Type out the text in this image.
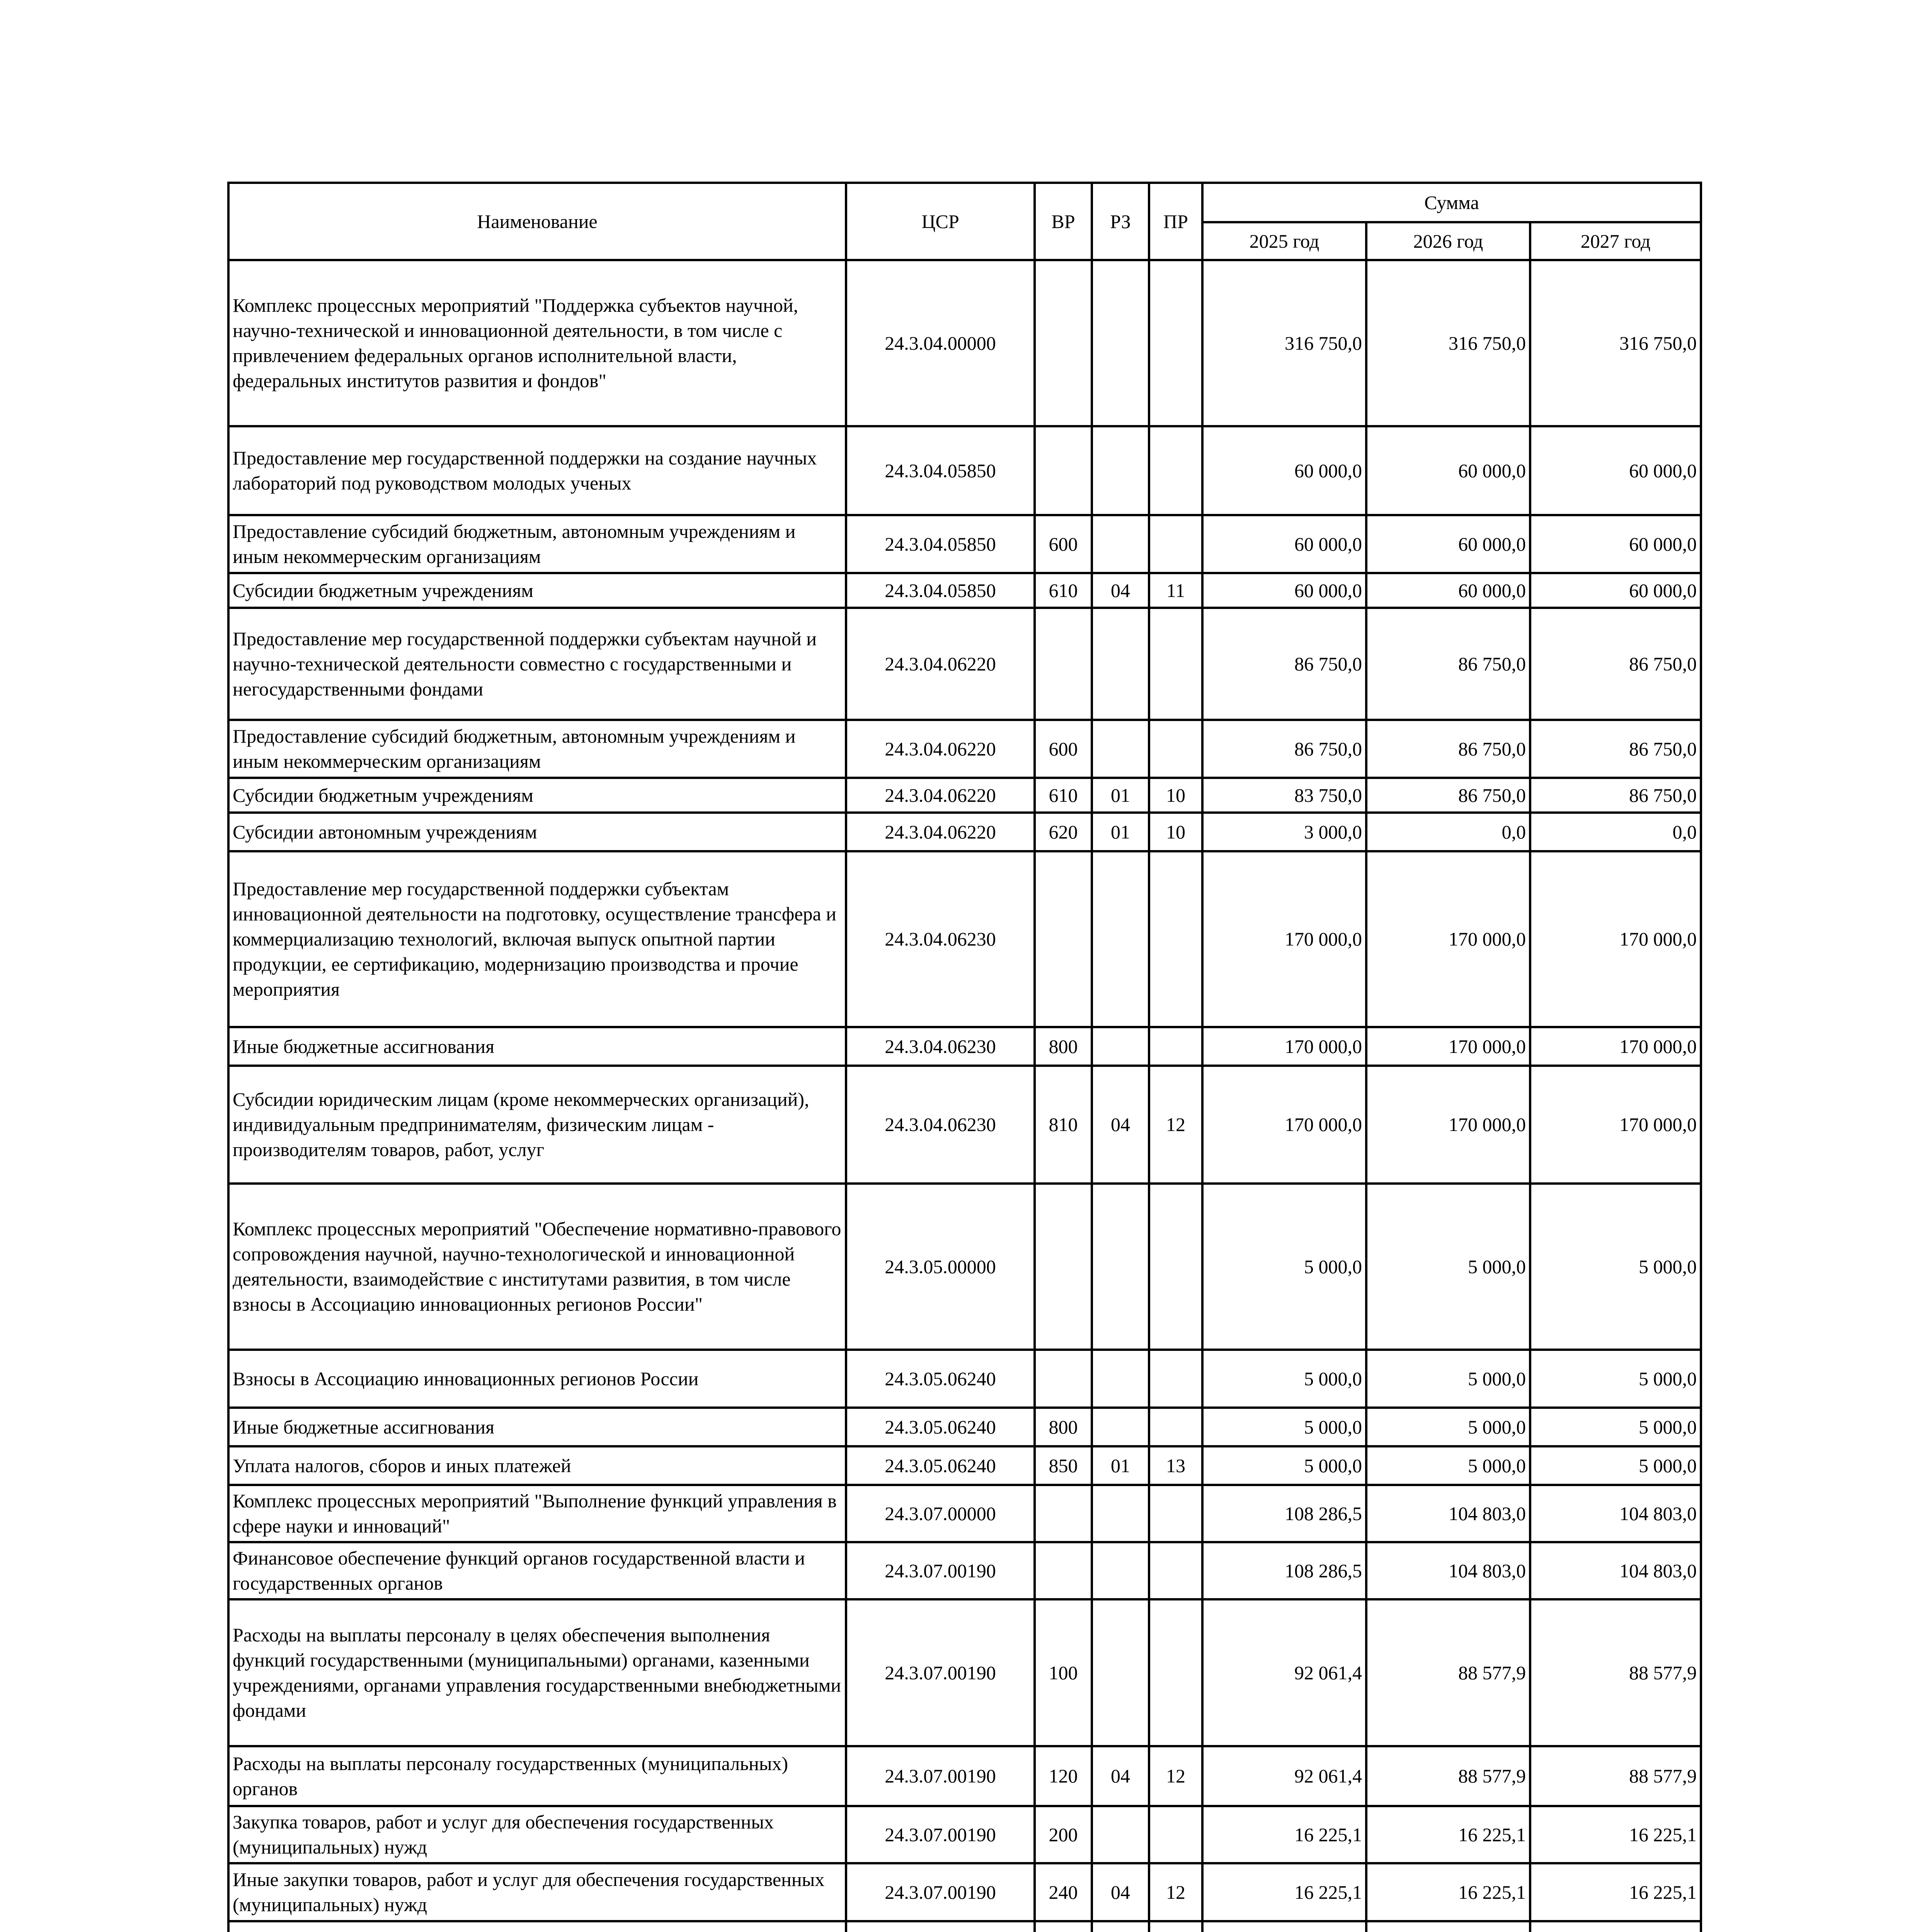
Наименование	ЦСР	ВР	РЗ	ПР	Сумма		
					2025 год	2026 год	2027 год
Комплекс процессных мероприятий "Поддержка субъектов научной, научно-технической и инновационной деятельности, в том числе с привлечением федеральных органов исполнительной власти, федеральных институтов развития и фондов"	24.3.04.00000				316 750,0	316 750,0	316 750,0
Предоставление мер государственной поддержки на создание научных лабораторий под руководством молодых ученых	24.3.04.05850				60 000,0	60 000,0	60 000,0
Предоставление субсидий бюджетным, автономным учреждениям и иным некоммерческим организациям	24.3.04.05850	600			60 000,0	60 000,0	60 000,0
Субсидии бюджетным учреждениям	24.3.04.05850	610	04	11	60 000,0	60 000,0	60 000,0
Предоставление мер государственной поддержки субъектам научной и научно-технической деятельности совместно с государственными и негосударственными фондами	24.3.04.06220				86 750,0	86 750,0	86 750,0
Предоставление субсидий бюджетным, автономным учреждениям и иным некоммерческим организациям	24.3.04.06220	600			86 750,0	86 750,0	86 750,0
Субсидии бюджетным учреждениям	24.3.04.06220	610	01	10	83 750,0	86 750,0	86 750,0
Субсидии автономным учреждениям	24.3.04.06220	620	01	10	3 000,0	0,0	0,0
Предоставление мер государственной поддержки субъектам инновационной деятельности на подготовку, осуществление трансфера и коммерциализацию технологий, включая выпуск опытной партии продукции, ее сертификацию, модернизацию производства и прочие мероприятия	24.3.04.06230				170 000,0	170 000,0	170 000,0
Иные бюджетные ассигнования	24.3.04.06230	800			170 000,0	170 000,0	170 000,0
Субсидии юридическим лицам (кроме некоммерческих организаций), индивидуальным предпринимателям, физическим лицам - производителям товаров, работ, услуг	24.3.04.06230	810	04	12	170 000,0	170 000,0	170 000,0
Комплекс процессных мероприятий "Обеспечение нормативно-правового сопровождения научной, научно-технологической и инновационной деятельности, взаимодействие с институтами развития, в том числе взносы в Ассоциацию инновационных регионов России"	24.3.05.00000				5 000,0	5 000,0	5 000,0
Взносы в Ассоциацию инновационных регионов России	24.3.05.06240				5 000,0	5 000,0	5 000,0
Иные бюджетные ассигнования	24.3.05.06240	800			5 000,0	5 000,0	5 000,0
Уплата налогов, сборов и иных платежей	24.3.05.06240	850	01	13	5 000,0	5 000,0	5 000,0
Комплекс процессных мероприятий "Выполнение функций управления в сфере науки и инноваций"	24.3.07.00000				108 286,5	104 803,0	104 803,0
Финансовое обеспечение функций органов государственной власти и государственных органов	24.3.07.00190				108 286,5	104 803,0	104 803,0
Расходы на выплаты персоналу в целях обеспечения выполнения функций государственными (муниципальными) органами, казенными учреждениями, органами управления государственными внебюджетными фондами	24.3.07.00190	100			92 061,4	88 577,9	88 577,9
Расходы на выплаты персоналу государственных (муниципальных) органов	24.3.07.00190	120	04	12	92 061,4	88 577,9	88 577,9
Закупка товаров, работ и услуг для обеспечения государственных (муниципальных) нужд	24.3.07.00190	200			16 225,1	16 225,1	16 225,1
Иные закупки товаров, работ и услуг для обеспечения государственных (муниципальных) нужд	24.3.07.00190	240	04	12	16 225,1	16 225,1	16 225,1
